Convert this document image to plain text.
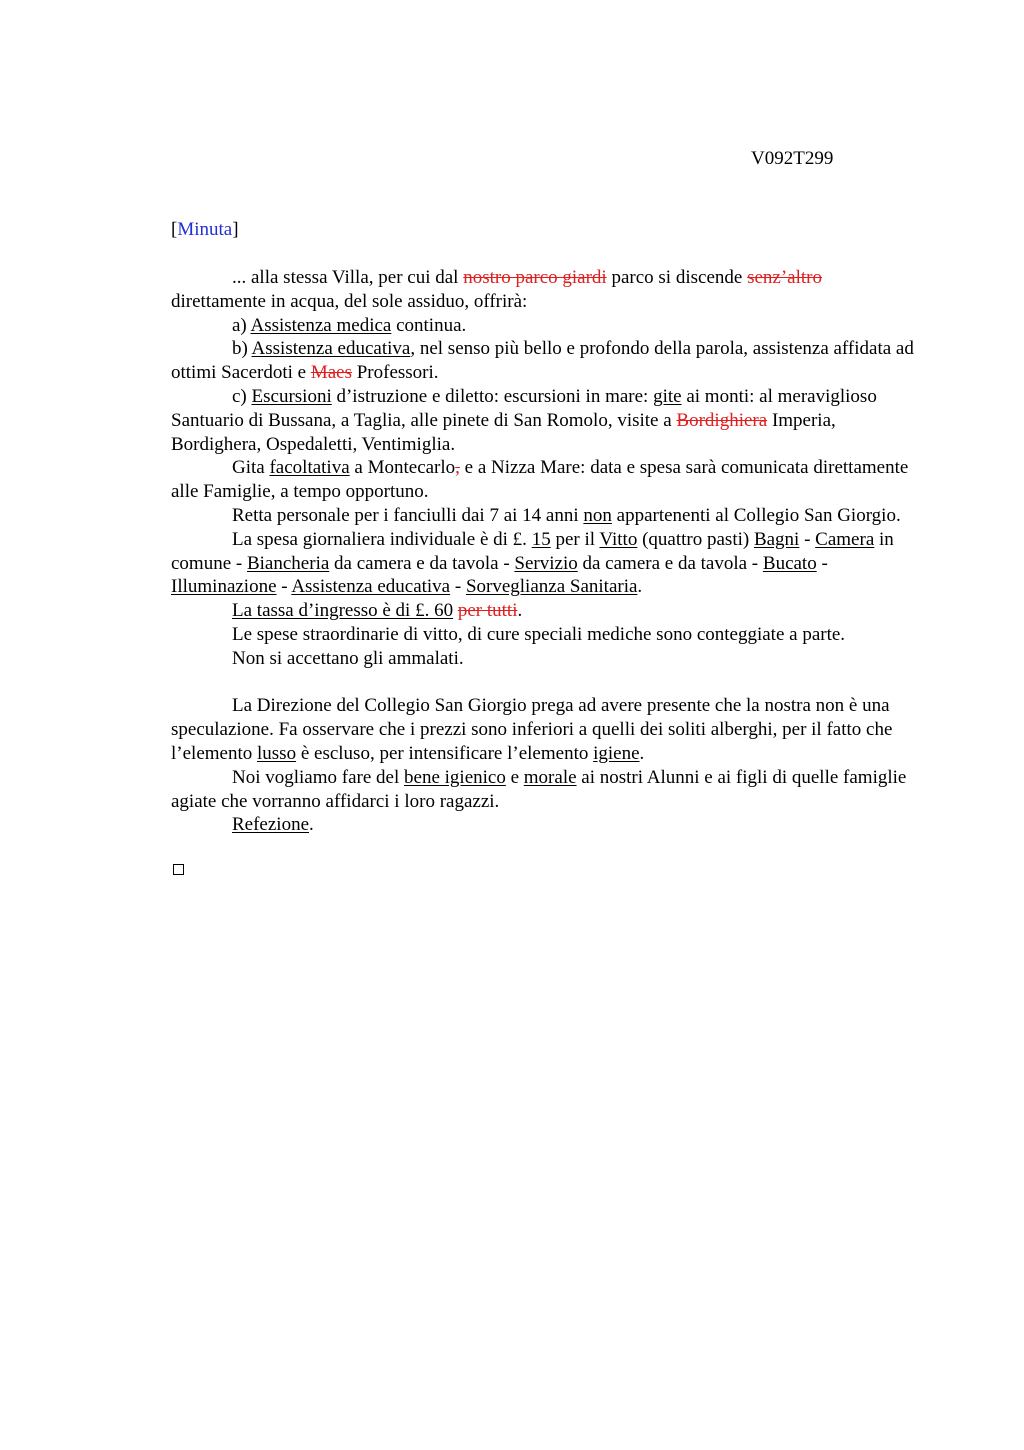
V092T299
[Minuta]

... alla stessa Villa, per cui dal nostro parco giardi parco si discende senz’altro direttamente in acqua, del sole assiduo, offrirà:

a) Assistenza medica continua.

b) Assistenza educativa, nel senso più bello e profondo della parola, assistenza affidata ad ottimi Sacerdoti e Maes Professori.

c) Escursioni d’istruzione e diletto: escursioni in mare: gite ai monti: al meraviglioso Santuario di Bussana, a Taglia, alle pinete di San Romolo, visite a Bordighiera Imperia, Bordighera, Ospedaletti, Ventimiglia.

Gita facoltativa a Montecarlo, e a Nizza Mare: data e spesa sarà comunicata direttamente alle Famiglie, a tempo opportuno.

Retta personale per i fanciulli dai 7 ai 14 anni non appartenenti al Collegio San Giorgio.

La spesa giornaliera individuale è di £. 15 per il Vitto (quattro pasti) Bagni - Camera in comune - Biancheria da camera e da tavola - Servizio da camera e da tavola - Bucato - Illuminazione - Assistenza educativa - Sorveglianza Sanitaria.

La tassa d’ingresso è di £. 60 per tutti.

Le spese straordinarie di vitto, di cure speciali mediche sono conteggiate a parte.

Non si accettano gli ammalati.

La Direzione del Collegio San Giorgio prega ad avere presente che la nostra non è una speculazione. Fa osservare che i prezzi sono inferiori a quelli dei soliti alberghi, per il fatto che l’elemento lusso è escluso, per intensificare l’elemento igiene.

Noi vogliamo fare del bene igienico e morale ai nostri Alunni e ai figli di quelle famiglie agiate che vorranno affidarci i loro ragazzi.

Refezione.
